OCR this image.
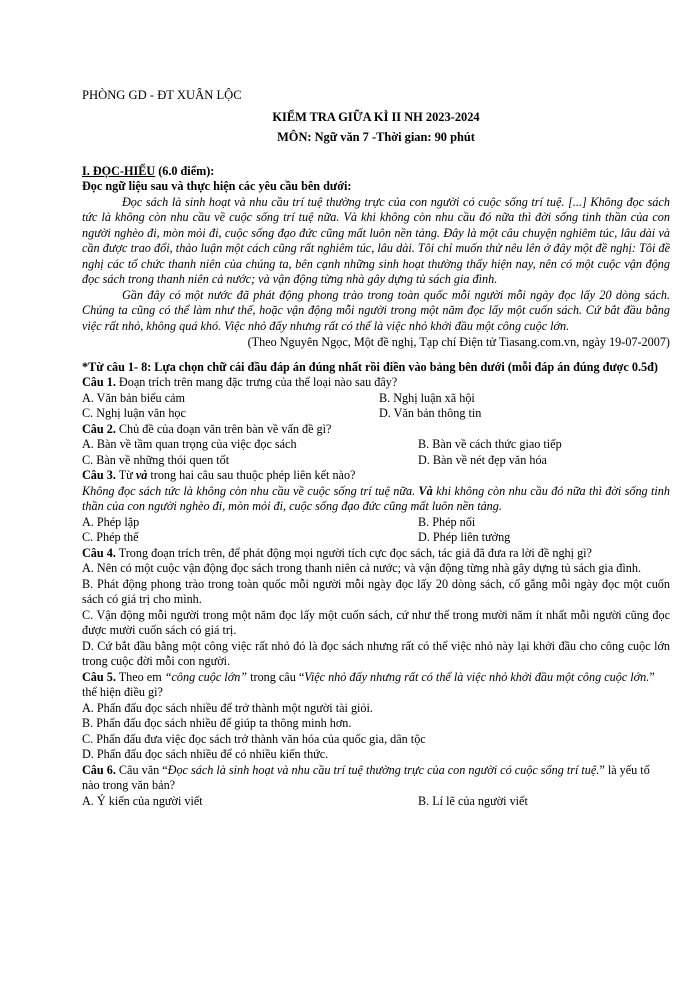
PHÒNG GD - ĐT XUÂN LỘC

KIỂM TRA GIỮA KÌ II NH 2023-2024

MÔN: Ngữ văn 7 -Thời gian: 90 phút

I. ĐỌC-HIỂU (6.0 điểm):

Đọc ngữ liệu sau và thực hiện các yêu cầu bên dưới:

Đọc sách là sinh hoạt và nhu cầu trí tuệ thường trực của con người có cuộc sống trí tuệ. [...] Không đọc sách tức là không còn nhu cầu về cuộc sống trí tuệ nữa. Và khi không còn nhu cầu đó nữa thì đời sống tinh thần của con người nghèo đi, mòn mỏi đi, cuộc sống đạo đức cũng mất luôn nền tảng. Đây là một câu chuyện nghiêm túc, lâu dài và cần được trao đổi, thảo luận một cách cũng rất nghiêm túc, lâu dài. Tôi chỉ muốn thử nêu lên ở đây một đề nghị: Tôi đề nghị các tổ chức thanh niên của chúng ta, bên cạnh những sinh hoạt thường thấy hiện nay, nên có một cuộc vận động đọc sách trong thanh niên cả nước; và vận động từng nhà gây dựng tủ sách gia đình.

Gần đây có một nước đã phát động phong trào trong toàn quốc mỗi người mỗi ngày đọc lấy 20 dòng sách. Chúng ta cũng có thể làm như thế, hoặc vận động mỗi người trong một năm đọc lấy một cuốn sách. Cứ bắt đầu bằng việc rất nhỏ, không quá khó. Việc nhỏ đấy nhưng rất có thể là việc nhỏ khởi đầu một công cuộc lớn.

(Theo Nguyên Ngọc, Một đề nghị, Tạp chí Điện tử Tiasang.com.vn, ngày 19-07-2007)

*Từ câu 1- 8: Lựa chọn chữ cái đầu đáp án đúng nhất rồi điền vào bảng bên dưới (mỗi đáp án đúng được 0.5đ)

Câu 1. Đoạn trích trên mang đặc trưng của thể loại nào sau đây?

A. Văn bản biểu cảm	B. Nghị luận xã hội

C. Nghị luận văn học	D. Văn bản thông tin

Câu 2. Chủ đề của đoạn văn trên bàn về vấn đề gì?

A. Bàn về tầm quan trọng của việc đọc sách	B. Bàn về cách thức giao tiếp

C. Bàn về những thói quen tốt	D. Bàn về nét đẹp văn hóa

Câu 3. Từ và trong hai câu sau thuộc phép liên kết nào?

Không đọc sách tức là không còn nhu cầu về cuộc sống trí tuệ nữa. Và khi không còn nhu cầu đó nữa thì đời sống tinh thần của con người nghèo đi, mòn mỏi đi, cuộc sống đạo đức cũng mất luôn nền tảng.

A. Phép lặp	B. Phép nối

C. Phép thế	D. Phép liên tưởng

Câu 4. Trong đoạn trích trên, để phát động mọi người tích cực đọc sách, tác giả đã đưa ra lời đề nghị gì?

A. Nên có một cuộc vận động đọc sách trong thanh niên cả nước; và vận động từng nhà gây dựng tủ sách gia đình.

B. Phát động phong trào trong toàn quốc mỗi người mỗi ngày đọc lấy 20 dòng sách, cố gắng mỗi ngày đọc một cuốn sách có giá trị cho mình.

C. Vận động mỗi người trong một năm đọc lấy một cuốn sách, cứ như thế trong mười năm ít nhất mỗi người cũng đọc được mười cuốn sách có giá trị.

D. Cứ bắt đầu bằng một công việc rất nhỏ đó là đọc sách nhưng rất có thể việc nhỏ này lại khởi đầu cho công cuộc lớn trong cuộc đời mỗi con người.

Câu 5. Theo em “công cuộc lớn” trong câu “Việc nhỏ đấy nhưng rất có thể là việc nhỏ khởi đầu một công cuộc lớn.” thể hiện điều gì?

A. Phấn đấu đọc sách nhiều để trở thành một người tài giỏi.

B. Phấn đấu đọc sách nhiều để giúp ta thông minh hơn.

C. Phấn đấu đưa việc đọc sách trở thành văn hóa của quốc gia, dân tộc

D. Phấn đấu đọc sách nhiều để có nhiều kiến thức.

Câu 6. Câu văn “Đọc sách là sinh hoạt và nhu cầu trí tuệ thường trực của con người có cuộc sống trí tuệ.” là yếu tố nào trong văn bản?

A. Ý kiến của người viết	B. Lí lẽ của người viết
